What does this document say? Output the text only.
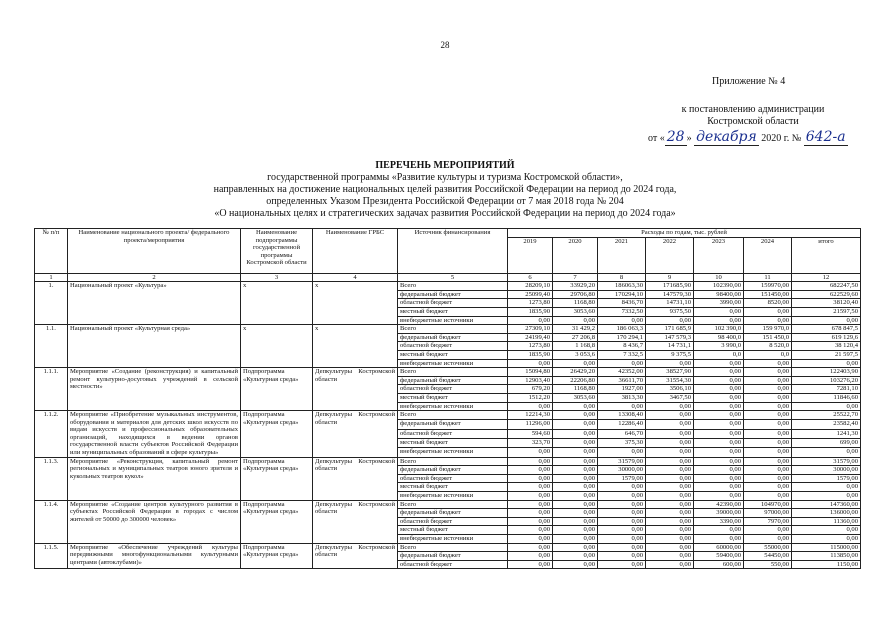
28
Приложение № 4
к постановлению администрации
Костромской области
от « 28 » декабря 2020 г. № 642-а
ПЕРЕЧЕНЬ МЕРОПРИЯТИЙ
государственной программы «Развитие культуры и туризма Костромской области»,
направленных на достижение национальных целей развития Российской Федерации на период до 2024 года,
определенных Указом Президента Российской Федерации от 7 мая 2018 года № 204
«О национальных целях и стратегических задачах развития Российской Федерации на период до 2024 года»
№ п/п	Наименование национального проекта/ федерального проекта/мероприятия	Наименование подпрограммы государственной программы Костромской области	Наименование ГРБС	Источник финансирования	Расходы по годам, тыс. рублей						
					2019	2020	2021	2022	2023	2024	итого
1	2	3	4	5	6	7	8	9	10	11	12
1.	Национальный проект «Культура»	х	х	Всего	28209,10	33929,20	186063,30	171685,90	102390,00	159970,00	682247,50
				федеральный бюджет	25099,40	29706,80	170294,10	147579,30	98400,00	151450,00	622529,60
				областной бюджет	1273,80	1168,80	8436,70	14731,10	3990,00	8520,00	38120,40
				местный бюджет	1835,90	3053,60	7332,50	9375,50	0,00	0,00	21597,50
				внебюджетные источники	0,00	0,00	0,00	0,00	0,00	0,00	0,00
1.1.	Национальный проект «Культурная среда»	х	х	Всего	27309,10	31 429,2	186 063,3	171 685,9	102 390,0	159 970,0	678 847,5
				федеральный бюджет	24199,40	27 206,8	170 294,1	147 579,3	98 400,0	151 450,0	619 129,6
				областной бюджет	1273,80	1 168,8	8 436,7	14 731,1	3 990,0	8 520,0	38 120,4
				местный бюджет	1835,90	3 053,6	7 332,5	9 375,5	0,0	0,0	21 597,5
				внебюджетные источники	0,00	0,00	0,00	0,00	0,00	0,00	0,00
1.1.1.	Мероприятие «Создание (реконструкция) и капитальный ремонт культурно-досуговых учреждений в сельской местности»	Подпрограмма «Культурная среда»	Депкультуры Костромской области	Всего	15094,80	26429,20	42352,00	38527,90	0,00	0,00	122403,90
				федеральный бюджет	12903,40	22206,80	36611,70	31554,30	0,00	0,00	103276,20
				областной бюджет	679,20	1168,80	1927,00	3506,10	0,00	0,00	7281,10
				местный бюджет	1512,20	3053,60	3813,30	3467,50	0,00	0,00	11846,60
				внебюджетные источники	0,00	0,00	0,00	0,00	0,00	0,00	0,00
1.1.2.	Мероприятие «Приобретение музыкальных инструментов, оборудования и материалов для детских школ искусств по видам искусств и профессиональных образовательных организаций, находящихся в ведении органов государственной власти субъектов Российской Федерации или муниципальных образований в сфере культуры»	Подпрограмма «Культурная среда»	Депкультуры Костромской области	Всего	12214,30	0,00	13308,40	0,00	0,00	0,00	25522,70
				федеральный бюджет	11296,00	0,00	12286,40	0,00	0,00	0,00	23582,40
				областной бюджет	594,60	0,00	646,70	0,00	0,00	0,00	1241,30
				местный бюджет	323,70	0,00	375,30	0,00	0,00	0,00	699,00
				внебюджетные источники	0,00	0,00	0,00	0,00	0,00	0,00	0,00
1.1.3.	Мероприятие «Реконструкция, капитальный ремонт региональных и муниципальных театров юного зрителя и кукольных театров кукол»	Подпрограмма «Культурная среда»	Депкультуры Костромской области	Всего	0,00	0,00	31579,00	0,00	0,00	0,00	31579,00
				федеральный бюджет	0,00	0,00	30000,00	0,00	0,00	0,00	30000,00
				областной бюджет	0,00	0,00	1579,00	0,00	0,00	0,00	1579,00
				местный бюджет	0,00	0,00	0,00	0,00	0,00	0,00	0,00
				внебюджетные источники	0,00	0,00	0,00	0,00	0,00	0,00	0,00
1.1.4.	Мероприятие «Создание центров культурного развития в субъектах Российской Федерации в городах с числом жителей от 50000 до 300000 человек»	Подпрограмма «Культурная среда»	Депкультуры Костромской области	Всего	0,00	0,00	0,00	0,00	42390,00	104970,00	147360,00
				федеральный бюджет	0,00	0,00	0,00	0,00	39000,00	97000,00	136000,00
				областной бюджет	0,00	0,00	0,00	0,00	3390,00	7970,00	11360,00
				местный бюджет	0,00	0,00	0,00	0,00	0,00	0,00	0,00
				внебюджетные источники	0,00	0,00	0,00	0,00	0,00	0,00	0,00
1.1.5.	Мероприятие «Обеспечение учреждений культуры передвижными многофункциональными культурными центрами (автоклубами)»	Подпрограмма «Культурная среда»	Депкультуры Костромской области	Всего	0,00	0,00	0,00	0,00	60000,00	55000,00	115000,00
				федеральный бюджет	0,00	0,00	0,00	0,00	59400,00	54450,00	113850,00
				областной бюджет	0,00	0,00	0,00	0,00	600,00	550,00	1150,00
